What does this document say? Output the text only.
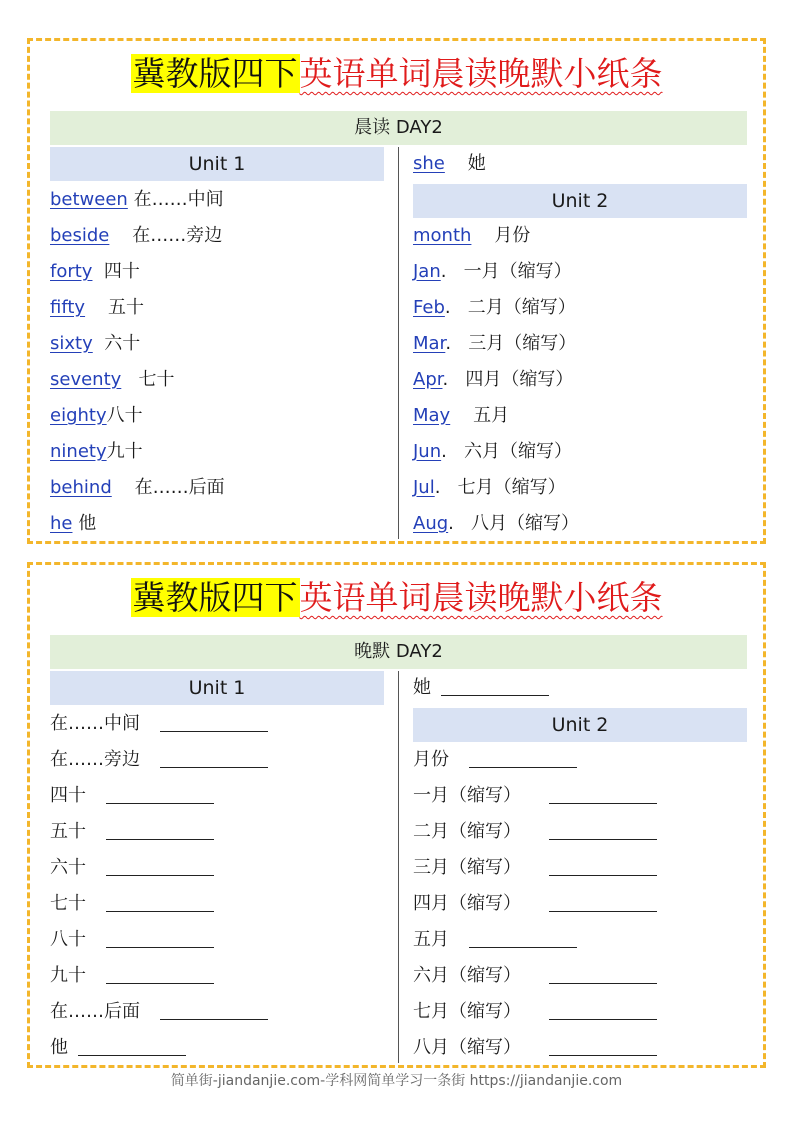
冀教版四下英语单词晨读晚默小纸条
晨读 DAY2
Unit 1
between 在……中间
beside 在……旁边
forty 四十
fifty 五十
sixty 六十
seventy 七十
eighty八十
ninety九十
behind 在……后面
he 他
she 她
Unit 2
month 月份
Jan.   一月（缩写）
Feb.   二月（缩写）
Mar.   三月（缩写）
Apr.   四月（缩写）
May 五月
Jun.   六月（缩写）
Jul.   七月（缩写）
Aug.   八月（缩写）
冀教版四下英语单词晨读晚默小纸条
晚默 DAY2
Unit 1
在……中间
在……旁边
四十
五十
六十
七十
八十
九十
在……后面
他
她
Unit 2
月份
一月（缩写）
二月（缩写）
三月（缩写）
四月（缩写）
五月
六月（缩写）
七月（缩写）
八月（缩写）
简单街-jiandanjie.com-学科网简单学习一条街 https://jiandanjie.com
